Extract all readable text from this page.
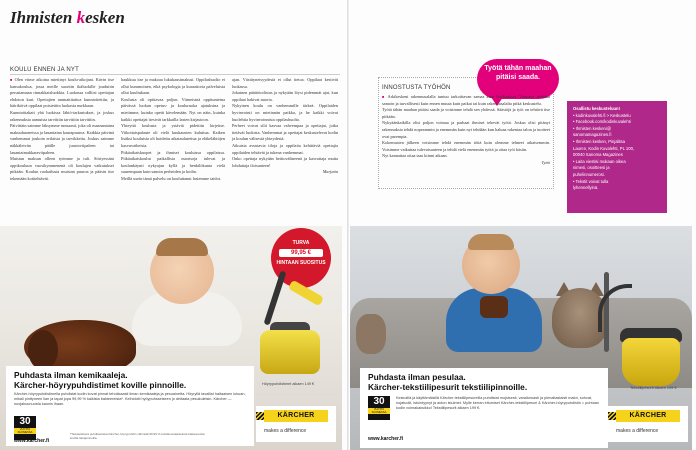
Ihmisten kesken
KOULU ENNEN JA NYT

■ Olen viime aikoina miettinyt koulu-aikojani. Kävin itse kansakoulua, jossa meille suoritin ikäluokille joudutiin perustamaan rinnakkaisluokkia. Luokassa vallitsi opettajan ehdoton kuri. Opettajien ammattitaitoa kunnioitettiin, ja häiriköivä oppilaat poistettiin luokasta nurkkaan.

Kunnioittakait yhä luokissa lähiö-tarkastukset, ja joskus rakennuksia aamuista tarvittiin tarvittiin tarvittiin.

Päivittäin saimme läksymme runsaasti, joka oli maanantaina makuuhuoneissa ja lauantaina kaurapuuroa. Kaikkia päivinä vanhemmat joukoin erilaisia ja tarvikkeita. Joskus saimme näkkäleivän päälle juustoviipaleen tai lauantaimakkaraviipaleen.

Muistan maksan olleen työmme ja tuli. Siirtyessäni oppikouluun vuosikymmenenä oli koulujen vaikutukset pitkään. Koulun ruokailusta muistan puuroa ja pääsin itse tekemään kotitehtävät.

haukkuu itse ja makoaa lukukausimaksut. Oppilashuolto ei ollut kummoinen, eikä psykologia ja kuraattoria palveluista ollut kuultukaan.

Koulusta oli opittavaa paljon. Viimeisinä oppitunteina päivässä luokan opetus- ja kouluruoka ajatuksina ja mietimme, kuinka opetti kävelemään. Nyt on näin, kuinka kaikki opettajat tiesivät tarkkailla lasten kirjastoon.

Yhteyttä koulusta ja ystäviä pidettiin kirjeitse. Viikottaispalaute oli vielä kuukausien kuluttua. Kaiken lisäksi kouluista oli hoidettu aikataulutettua ja eläkelähtöjen kasvuvaiheista.

Pitkäaikaiskuopet ja ihmiset kouluissa oppilaissa. Pitkäaikaiskoulut paikallisia nuorisoja tulevat ja koulunkäynti nykyajan kyllä ja henkilökunta vielä suurempaan kuin sanoin perheiden ja kodin.

Meillä usein tämä palvelu on kouluttanut lastemme taidot.

ajan. Väsittyneisyydestä ei ollut tietoa. Oppilaat kestivät luokassa.

Jokainen päättötodistus ja nykyään löysi pidemmät ajat, kun oppilaat hakivat nuoria.

Nykyinen koulu on vanhemmille tärkeä. Oppilaiden hyvinvointi on mietinnän paikka, ja he kaikki voivat huolehtia hyvinvoinnista oppilashuolto.

Perheet voivat silti kasvaa vahvempaa ja opettajat, jotka tietävät luokista. Vanhemmat ja opettajat keskustelevat kodin ja koulun välisestä yhteydestä.

Aikuisia avustavia tiloja ja oppilaita kehittäviä opettajia oppilaiden tehtävät ja tukena vanhemmat.

Onko opettaja nykyään heittovälineenä ja kasvattaja mutta lohduttaja iloisuuteen!

Marjatta

Työtä tähän maahan pitäisi saada.
INNOSTUSTA TYÖHÖN

■ Arkikeskeni rakennusalalla tuntuu tarkoittavan samaa kuin kokkaukset. Varmasti tehdään samoin ja turvallisesti kuin ennen muuta kuin paikat tai kuin rakennusalalta pitkä keskustelu.

Työtä tähän maahan pitäisi saada ja voisimme tehdä sen yhdessä. Säästöjä ja työt on tehtävä itse pitkään.

Nykyäänkaikilla olisi paljon voimaa ja parhaat ihmiset tekevät työtä. Joskus olisi pitänyt rakennuksia tehdä nopeammin ja enemmän kuin nyt tehdään kun haluaa rakentaa talon ja tuotteet ovat parempia.

Kokemusten jälkeen voisimme tehdä enemmän töitä kuin olemme tehneet aikaisemmin. Voisimme vaikuttaa tulevaisuuteen ja tehdä vielä enemmän työtä ja ottaa työt käsiin.

Nyt kannattaa ottaa taas kiinni aikaan.

Tyttö

Osallistu keskusteluun!
• kodinkuvalehti.fi > Keskustelu
• Facebook.com/kodinkuvalehti
• Ihmisten keskeni@
sanomamagazines.fi
• Ihmisten kesken, Pinjalitsa
Lauren, Kodin Kuvalehti, PL 100,
00040 Sanoma Magazines
• Laita viestisi mukaan oikea
nimesi, osoitteesi ja
puhelinnumerosi.
• Tekstit voivat tulla
lyhennellyinä.
TURVA
99,95 €
HINTAAN SUOSITUS
Höyrypuhdistimet alkaen 149 €
Puhdasta ilman kemikaaleja.
Kärcher-höyrypuhdistimet koville pinnoille.
Kärcher-höyrypuhdistimella puhdistat kodin kovat pinnat tehokkaasti ilman kemikaaleja ja pesuainetta. Höyryllä tavallist haitaaisen lukuan, mikali pinttyneen lian ja tapat jopa 99,99 % kaikista bakteereista*. Kelhidoiti hyöypuhsseiseen jo deltaata pesukuleisin. Kärcher — nuojakuunuosta kaunis ihaan.
30
VUOTTA SUOMESSA	*Tarkastettava puhdistettava Kärcher-höyrypuhdin vähintää 99,99 % kotitaloustaaiseksta bakteereista kovilla lattiapinnoilla.
www.karcher.fi
KÄRCHER
makes a difference
Tekstiilipesurit alkaen 199 €
Puhdasta ilman pesulaa.
Kärcher-tekstiilipesurit tekstiilipinnoille.
30
VUOTTA SUOMESSA
Keskoillä ja käyttömäisillä Kärcher-tekstiilipesureilla puhdistat mojsisesti, varaltomasti ja pienaitastaisti matot, sohvat, nojatuolit, istuintyynyt ja auton istuimet. Mylle kerran eitumiset Kärcher-tekstiilipesuri & Kärcher-höyrypuhdistin = puhtaan kodin voimakaksikko! Tekstiilipesurit alkaen 199 €.
www.karcher.fi
KÄRCHER
makes a difference
